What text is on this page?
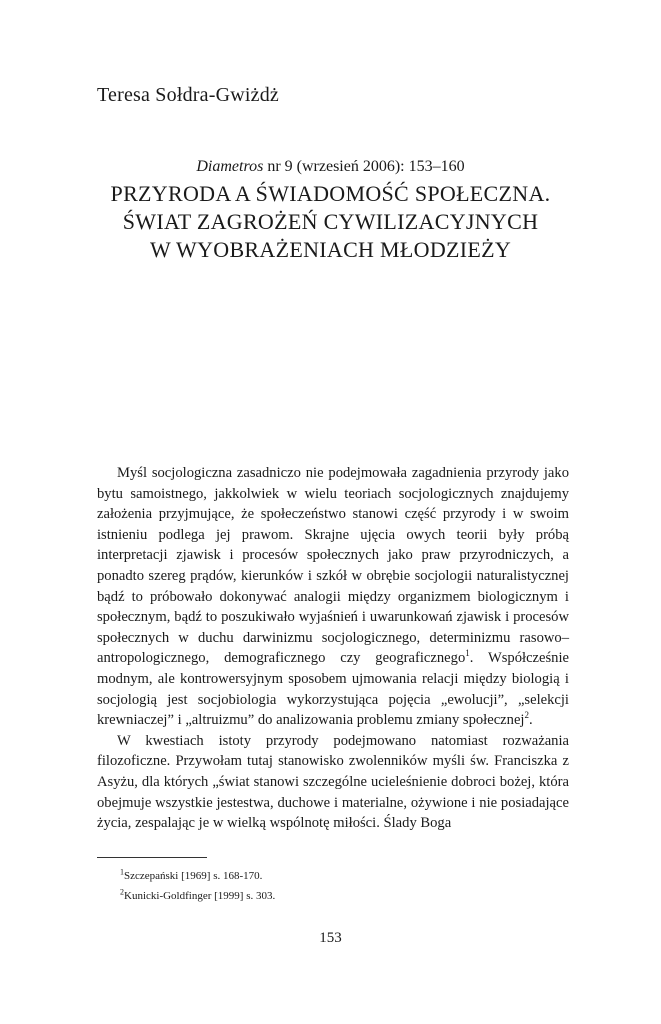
Teresa Sołdra-Gwiżdż
Diametros nr 9 (wrzesień 2006): 153–160
PRZYRODA A ŚWIADOMOŚĆ SPOŁECZNA.
ŚWIAT ZAGROŻEŃ CYWILIZACYJNYCH
W WYOBRAŻENIACH MŁODZIEŻY

Myśl socjologiczna zasadniczo nie podejmowała zagadnienia przyrody jako bytu samoistnego, jakkolwiek w wielu teoriach socjologicznych znajdujemy założenia przyjmujące, że społeczeństwo stanowi część przyrody i w swoim istnieniu podlega jej prawom. Skrajne ujęcia owych teorii były próbą interpretacji zjawisk i procesów społecznych jako praw przyrodniczych, a ponadto szereg prądów, kierunków i szkół w obrębie socjologii naturalistycznej bądź to próbowało dokonywać analogii między organizmem biologicznym i społecznym, bądź to poszukiwało wyjaśnień i uwarunkowań zjawisk i procesów społecznych w duchu darwinizmu socjologicznego, determinizmu rasowo–antropologicznego, demograficznego czy geograficznego$^1$. Współcześnie modnym, ale kontrowersyjnym sposobem ujmowania relacji między biologią i socjologią jest socjobiologia wykorzystująca pojęcia „ewolucji”, „selekcji krewniaczej” i „altruizmu” do analizowania problemu zmiany społecznej$^2$.

W kwestiach istoty przyrody podejmowano natomiast rozważania filozoficzne. Przywołam tutaj stanowisko zwolenników myśli św. Franciszka z Asyżu, dla których „świat stanowi szczególne ucieleśnienie dobroci bożej, która obejmuje wszystkie jestestwa, duchowe i materialne, ożywione i nie posiadające życia, zespalając je w wielką wspólnotę miłości. Ślady Boga

$^1$Szczepański [1969] s. 168-170.
$^2$Kunicki-Goldfinger [1999] s. 303.
153
